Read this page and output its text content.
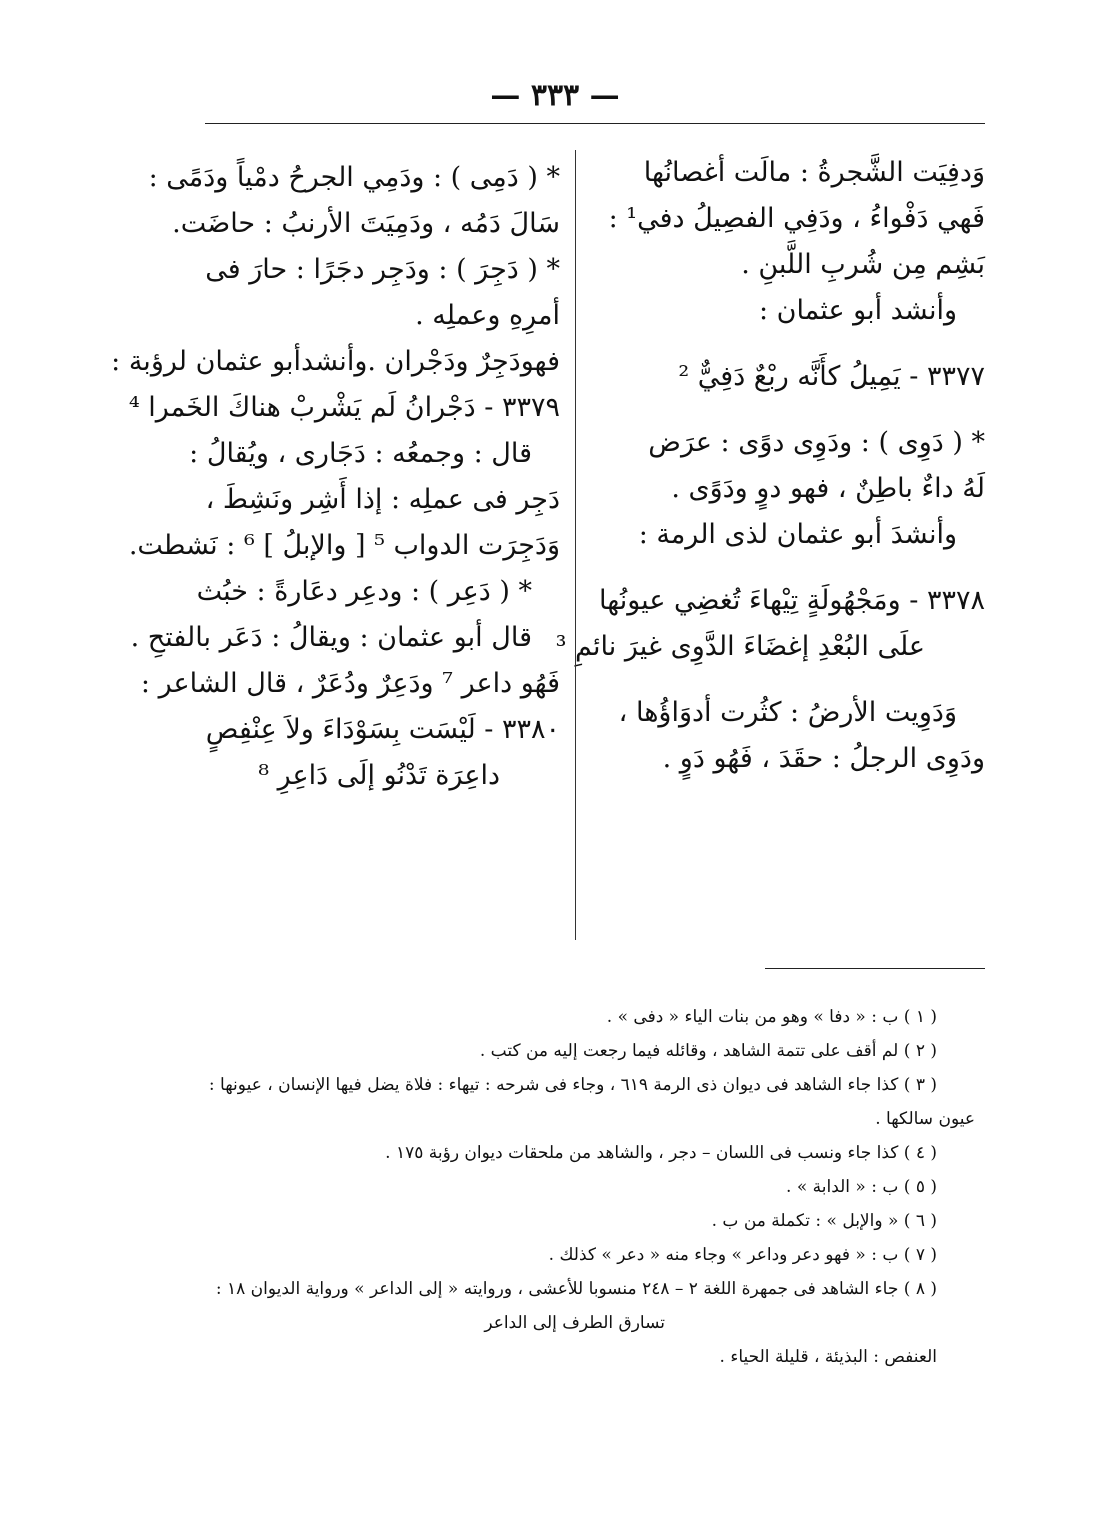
— ٣٣٣ —
وَدفِيَت الشَّجرةُ : مالَت أغصانُها
فَهي دَفْواءُ ، ودَفِي الفصِيلُ دفي¹ :
بَشِم مِن شُربِ اللَّبنِ .
وأنشد أبو عثمان :
٣٣٧٧ - يَمِيلُ كأَنَّه ربْعٌ دَفِيٌّ ²
* ( دَوِى ) : ودَوِى دوًى : عرَض
لَهُ داءٌ باطِنٌ ، فهو دوٍ ودَوًى .
وأنشدَ أبو عثمان لذى الرمة :
٣٣٧٨ - ومَجْهُولَةٍ تِيْهاءَ تُغضِي عيونُها
علَى البُعْدِ إغضَاءَ الدَّوِى غيرَ نائمِ ³
وَدَوِيت الأرضُ : كثُرت أدوَاؤُها ،
ودَوِى الرجلُ : حقَدَ ، فَهُو دَوٍ .
* ( دَمِى ) : ودَمِي الجرحُ دمْياً ودَمًى :
سَالَ دَمُه ، ودَمِيَتَ الأرنبُ : حاضَت.
* ( دَجِرَ ) : ودَجِر دجَرًا : حارَ فى
أمرِهِ وعملِه .
فهودَجِرٌ ودَجْران .وأنشدأبو عثمان لرؤبة :
٣٣٧٩ - دَجْرانُ لَم يَشْربْ هناكَ الخَمرا ⁴
قال : وجمعُه : دَجَارى ، ويُقالُ :
دَجِر فى عملِه : إذا أَشِر ونَشِطَ ،
وَدَجِرَت الدواب ⁵ [ والإبلُ ] ⁶ : نَشطت.
* ( دَعِر ) : ودعِر دعَارةً : خبُث
قال أبو عثمان : ويقالُ : دَعَر بالفتحِ .
فَهُو داعر ⁷ ودَعِرٌ ودُعَرٌ ، قال الشاعر :
٣٣٨٠ - لَيْسَت بِسَوْدَاءَ ولاَ عِنْفِصٍ
داعِرَة تَدْنُو إلَى دَاعِرِ ⁸
( ١ ) ب : « دفا » وهو من بنات الياء « دفى » .
( ٢ ) لم أقف على تتمة الشاهد ، وقائله فيما رجعت إليه من كتب .
( ٣ ) كذا جاء الشاهد فى ديوان ذى الرمة ٦١٩ ، وجاء فى شرحه : تيهاء : فلاة يضل فيها الإنسان ، عيونها :
عيون سالكها .
( ٤ ) كذا جاء ونسب فى اللسان – دجر ، والشاهد من ملحقات ديوان رؤبة ١٧٥ .
( ٥ ) ب : « الدابة » .
( ٦ ) « والإبل » : تكملة من ب .
( ٧ ) ب : « فهو دعر وداعر » وجاء منه « دعر » كذلك .
( ٨ ) جاء الشاهد فى جمهرة اللغة ٢ – ٢٤٨ منسوبا للأعشى ، وروايته « إلى الداعر » ورواية الديوان ١٨ :
تسارق الطرف إلى الداعر
العنفص : البذيئة ، قليلة الحياء .
